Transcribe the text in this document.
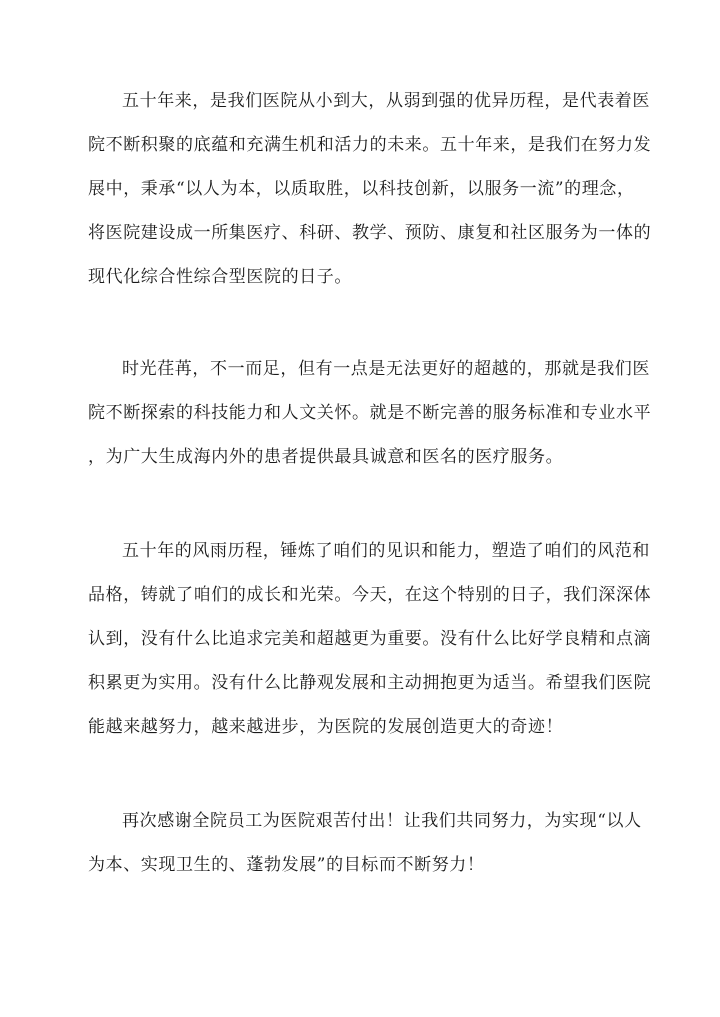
五十年来，是我们医院从小到大，从弱到强的优异历程，是代表着医
院不断积聚的底蕴和充满生机和活力的未来。五十年来，是我们在努力发
展中，秉承“以人为本，以质取胜，以科技创新，以服务一流”的理念，
将医院建设成一所集医疗、科研、教学、预防、康复和社区服务为一体的
现代化综合性综合型医院的日子。
时光荏苒，不一而足，但有一点是无法更好的超越的，那就是我们医
院不断探索的科技能力和人文关怀。就是不断完善的服务标准和专业水平
，为广大生成海内外的患者提供最具诚意和医名的医疗服务。
五十年的风雨历程，锤炼了咱们的见识和能力，塑造了咱们的风范和
品格，铸就了咱们的成长和光荣。今天，在这个特别的日子，我们深深体
认到，没有什么比追求完美和超越更为重要。没有什么比好学良精和点滴
积累更为实用。没有什么比静观发展和主动拥抱更为适当。希望我们医院
能越来越努力，越来越进步，为医院的发展创造更大的奇迹！
再次感谢全院员工为医院艰苦付出！让我们共同努力，为实现“以人
为本、实现卫生的、蓬勃发展”的目标而不断努力！
